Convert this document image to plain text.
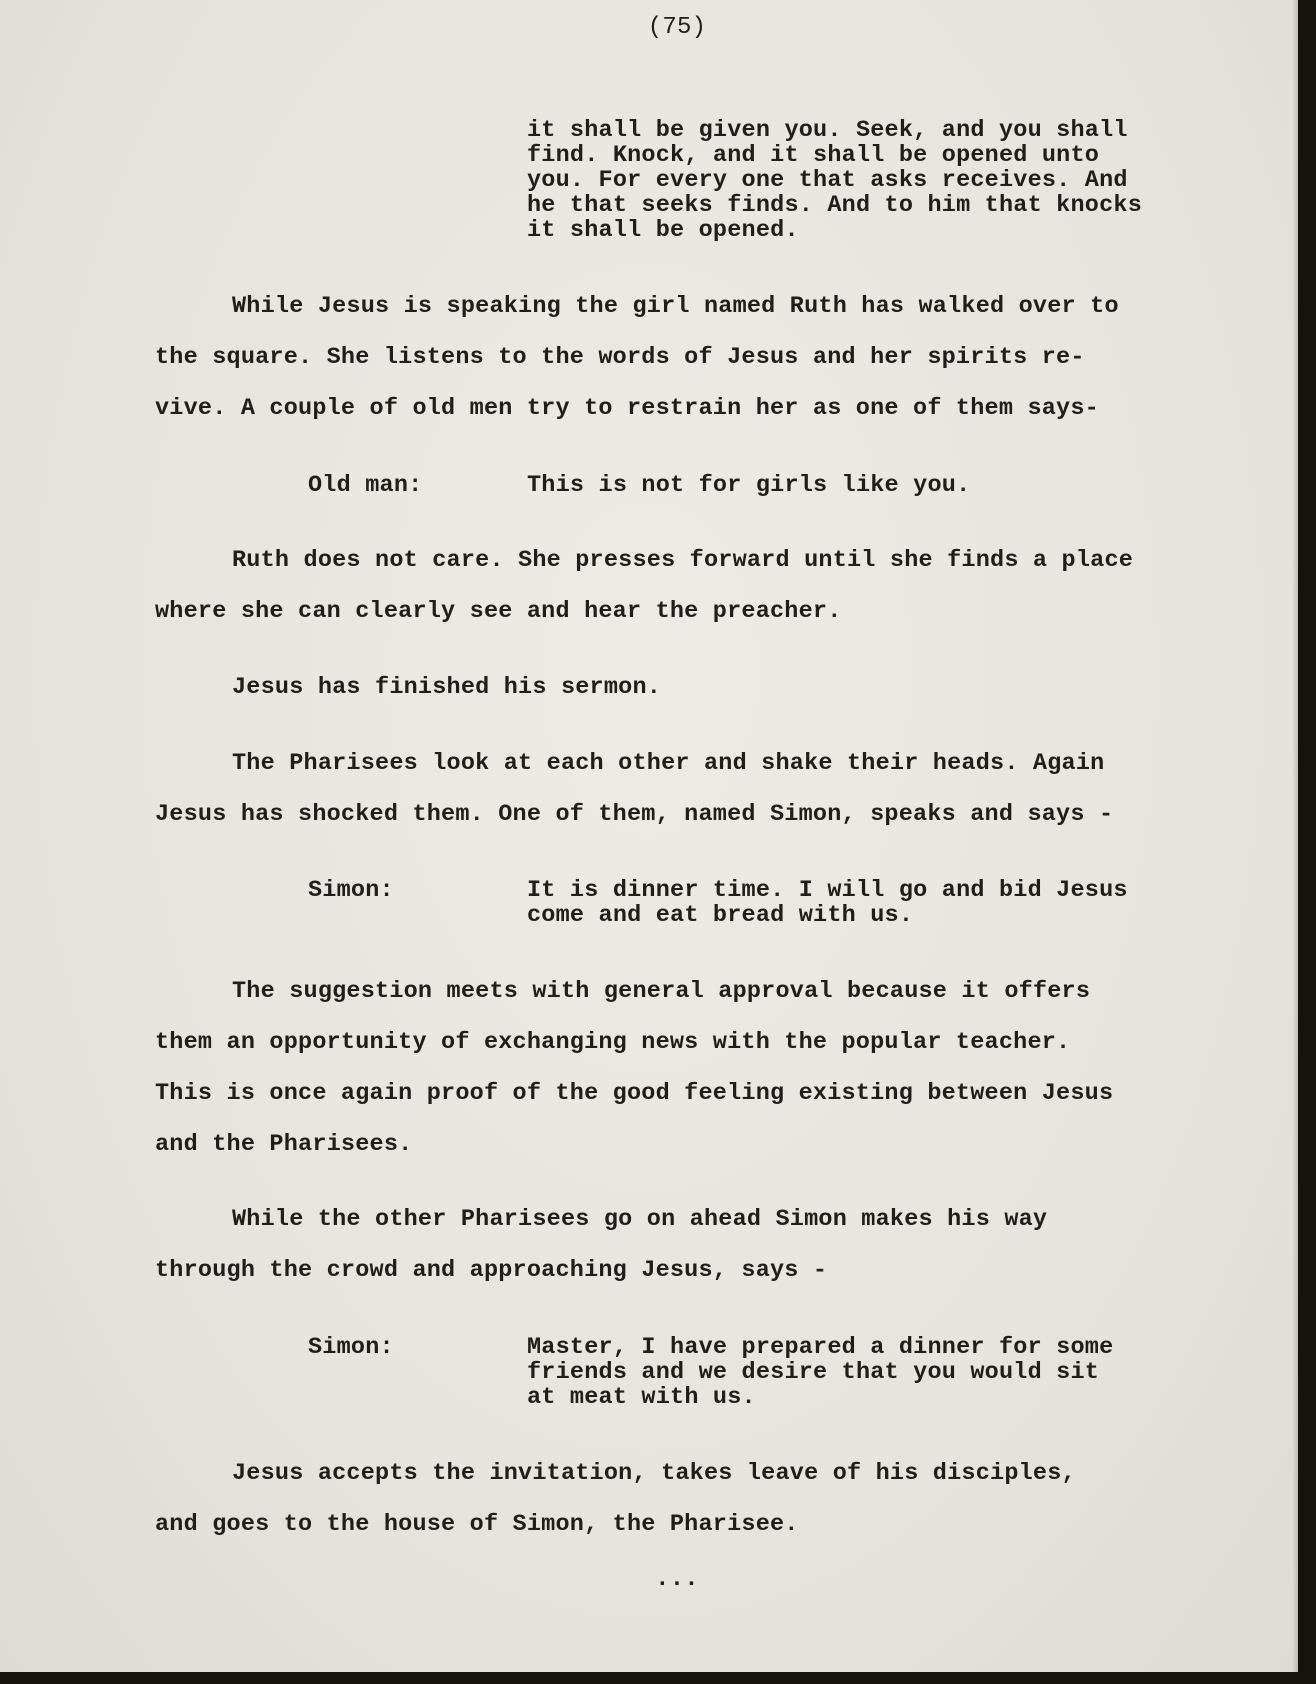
(75)
it shall be given you. Seek, and you shall
find. Knock, and it shall be opened unto
you. For every one that asks receives. And
he that seeks finds. And to him that knocks
it shall be opened.
While Jesus is speaking the girl named Ruth has walked over to
the square. She listens to the words of Jesus and her spirits re-
vive. A couple of old men try to restrain her as one of them says-
Old man:	This is not for girls like you.
Ruth does not care. She presses forward until she finds a place
where she can clearly see and hear the preacher.
Jesus has finished his sermon.
The Pharisees look at each other and shake their heads. Again
Jesus has shocked them. One of them, named Simon, speaks and says -
Simon:	It is dinner time. I will go and bid Jesus
come and eat bread with us.
The suggestion meets with general approval because it offers
them an opportunity of exchanging news with the popular teacher.
This is once again proof of the good feeling existing between Jesus
and the Pharisees.
While the other Pharisees go on ahead Simon makes his way
through the crowd and approaching Jesus, says -
Simon:	Master, I have prepared a dinner for some
friends and we desire that you would sit
at meat with us.
Jesus accepts the invitation, takes leave of his disciples,
and goes to the house of Simon, the Pharisee.
...
